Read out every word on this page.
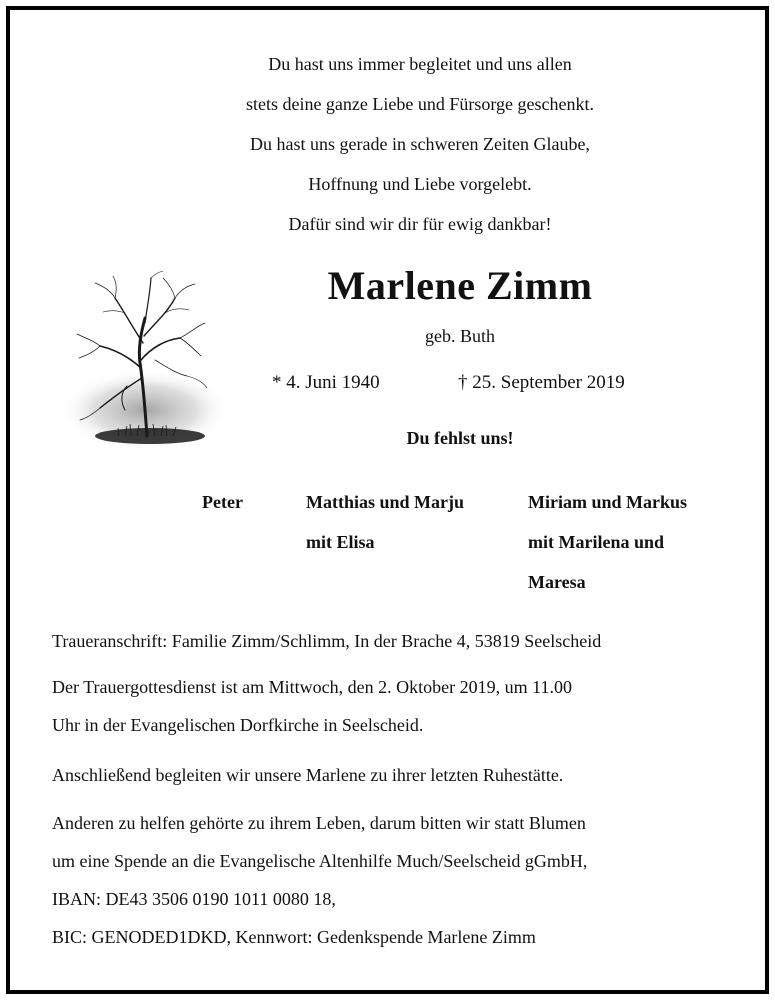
Du hast uns immer begleitet und uns allen
stets deine ganze Liebe und Fürsorge geschenkt.
Du hast uns gerade in schweren Zeiten Glaube,
Hoffnung und Liebe vorgelebt.
Dafür sind wir dir für ewig dankbar!
Marlene Zimm
geb. Buth
* 4. Juni 1940	† 25. September 2019
Du fehlst uns!
Peter	Matthias und Marju
mit Elisa
Miriam und Markus
mit Marilena und
Maresa
Traueranschrift: Familie Zimm/Schlimm, In der Brache 4, 53819 Seelscheid
Der Trauergottesdienst ist am Mittwoch, den 2. Oktober 2019, um 11.00
Uhr in der Evangelischen Dorfkirche in Seelscheid.
Anschließend begleiten wir unsere Marlene zu ihrer letzten Ruhestätte.
Anderen zu helfen gehörte zu ihrem Leben, darum bitten wir statt Blumen
um eine Spende an die Evangelische Altenhilfe Much/Seelscheid gGmbH,
IBAN: DE43 3506 0190 1011 0080 18,
BIC: GENODED1DKD, Kennwort: Gedenkspende Marlene Zimm
